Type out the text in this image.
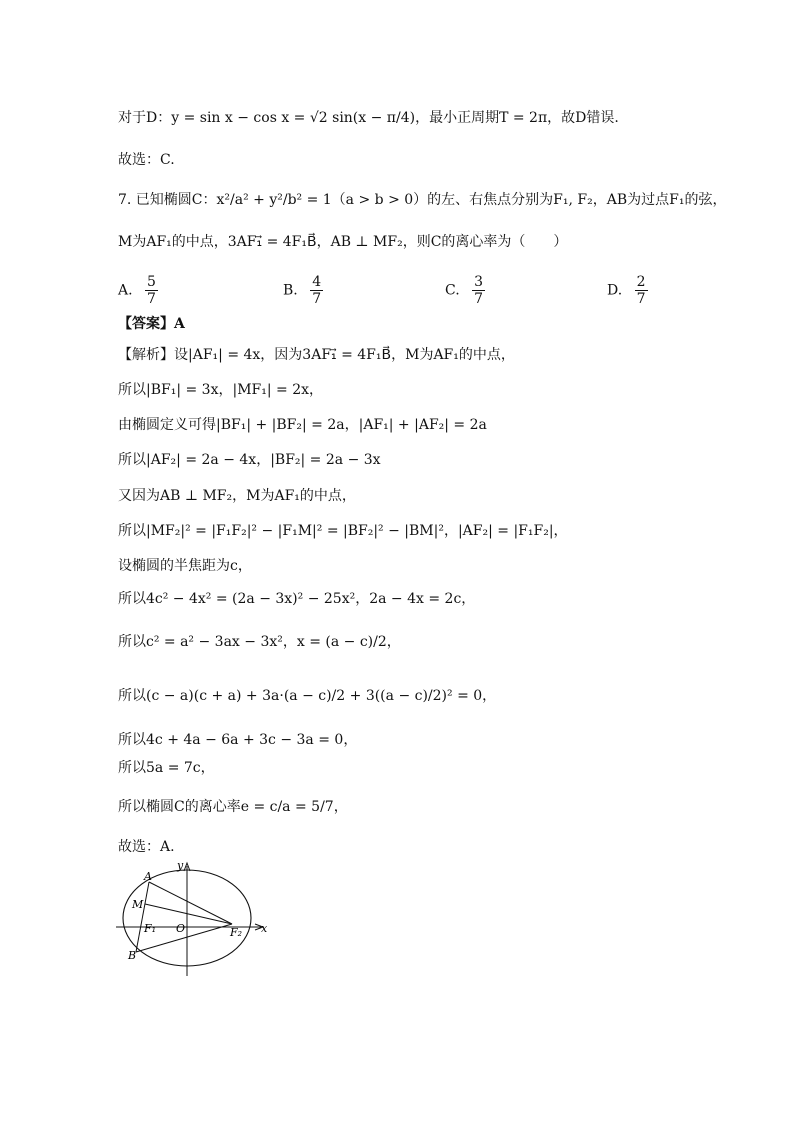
对于D：y = sin x − cos x = √2 sin(x − π/4)，最小正周期T = 2π，故D错误.
故选：C.
7. 已知椭圆C：x²/a² + y²/b² = 1（a > b > 0）的左、右焦点分别为F₁, F₂，AB为过点F₁的弦，
M为AF₁的中点，3AF₁⃗ = 4F₁B⃗，AB ⊥ MF₂，则C的离心率为（　　）
A. $\frac{5}{7}$	B. $\frac{4}{7}$	C. $\frac{3}{7}$	D. $\frac{2}{7}$
【答案】A
【解析】设|AF₁| = 4x，因为3AF₁⃗ = 4F₁B⃗，M为AF₁的中点，
所以|BF₁| = 3x，|MF₁| = 2x，
由椭圆定义可得|BF₁| + |BF₂| = 2a，|AF₁| + |AF₂| = 2a
所以|AF₂| = 2a − 4x，|BF₂| = 2a − 3x
又因为AB ⊥ MF₂，M为AF₁的中点，
所以|MF₂|² = |F₁F₂|² − |F₁M|² = |BF₂|² − |BM|²，|AF₂| = |F₁F₂|，
设椭圆的半焦距为c，
所以4c² − 4x² = (2a − 3x)² − 25x²，2a − 4x = 2c，
所以c² = a² − 3ax − 3x²，x = (a − c)/2，
所以(c − a)(c + a) + 3a·(a − c)/2 + 3((a − c)/2)² = 0，
所以4c + 4a − 6a + 3c − 3a = 0，
所以5a = 7c，
所以椭圆C的离心率e = c/a = 5/7，
故选：A.
A
M
B
F₁ O	F₂ x
y
